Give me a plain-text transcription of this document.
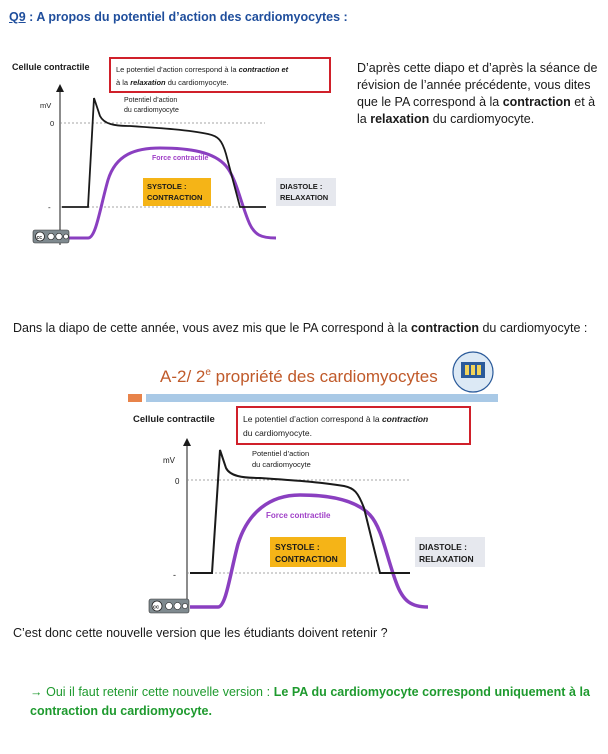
Q9 : A propos du potentiel d’action des cardiomyocytes :
Cellule contractile	Le potentiel d’action correspond à la contraction et
à la relaxation du cardiomyocyte.
mV
0
-
Potentiel d’action
du cardiomyocyte
Force contractile
SYSTOLE :
CONTRACTION
DIASTOLE :
RELAXATION
cc
D’après cette diapo et d’après la séance de révision de l’année précédente, vous dites que le PA correspond à la contraction et à la relaxation du cardiomyocyte.
Dans la diapo de cette année, vous avez mis que le PA correspond à la contraction du cardiomyocyte :
A-2/ 2e propriété des cardiomyocytes
Cellule contractile	Le potentiel d’action correspond à la contraction
du cardiomyocyte.
mV
0
-
Potentiel d’action
du cardiomyocyte
Force contractile
SYSTOLE :
CONTRACTION
DIASTOLE :
RELAXATION
cc
C’est donc cette nouvelle version que les étudiants doivent retenir ?
→ Oui il faut retenir cette nouvelle version : Le PA du cardiomyocyte correspond uniquement à la contraction du cardiomyocyte.
